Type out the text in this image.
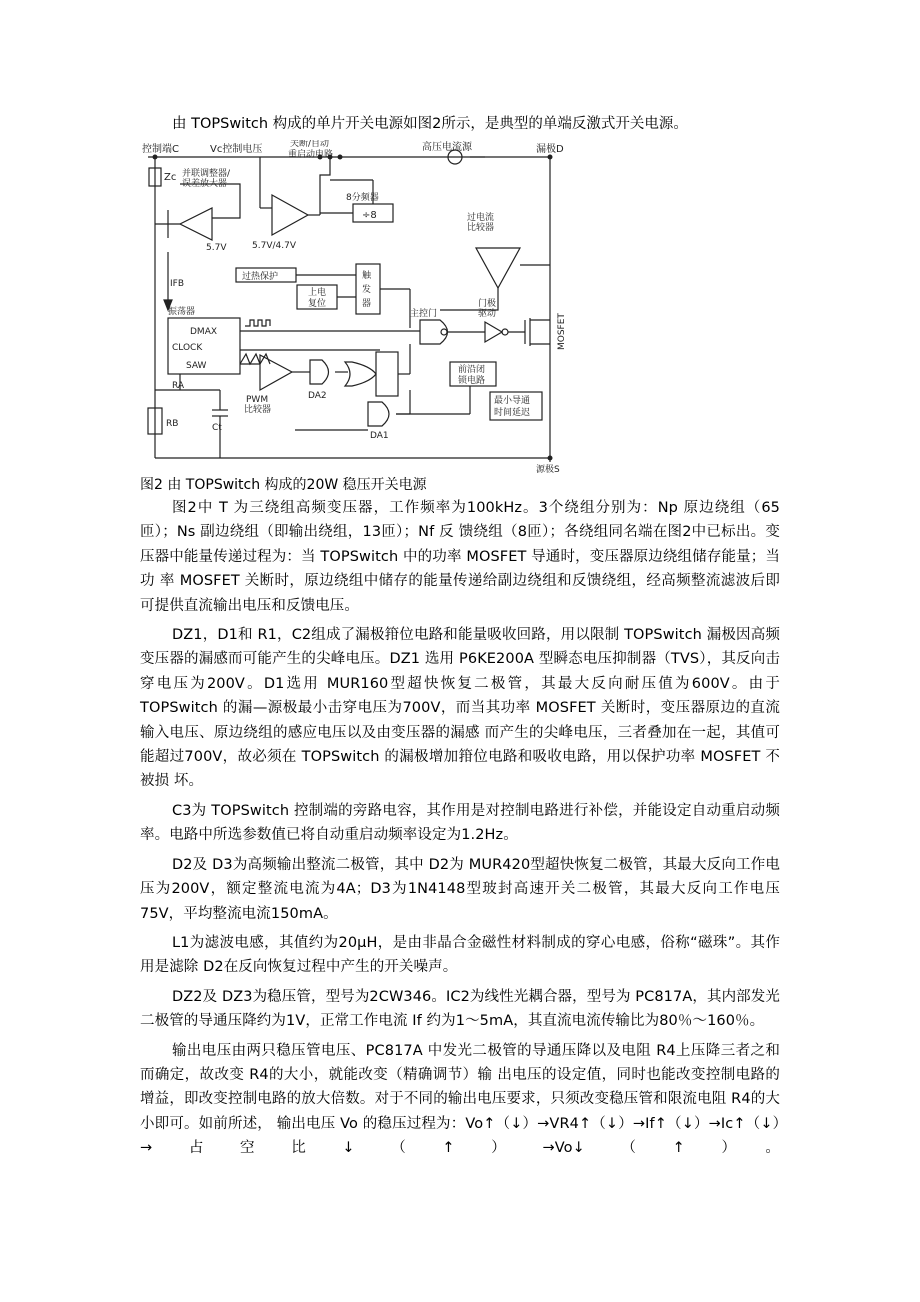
由 TOPSwitch 构成的单片开关电源如图2所示，是典型的单端反激式开关电源。
控制端C	Vc控制电压	关断/自动
重启动电路
高压电流源	漏极D
Zc 并联调整器/
误差放大器
8分频器
÷8
5.7V	5.7V/4.7V
过电流
比较器
IFB
过热保护
上电
复位
触
发
器
主控门
门极
驱动	MOSFET
振荡器
DMAX
CLOCK
SAW	前沿闭
锁电路
最小导通
时间延迟
PWM
比较器
DA2
DA1
RA
RB	Ct
源极S
图2 由 TOPSwitch 构成的20W 稳压开关电源

图2中 T 为三绕组高频变压器，工作频率为100kHz。3个绕组分别为：Np 原边绕组（65匝）；Ns 副边绕组（即输出绕组，13匝）；Nf 反 馈绕组（8匝）；各绕组同名端在图2中已标出。变压器中能量传递过程为：当 TOPSwitch 中的功率 MOSFET 导通时，变压器原边绕组储存能量；当功 率 MOSFET 关断时，原边绕组中储存的能量传递给副边绕组和反馈绕组，经高频整流滤波后即可提供直流输出电压和反馈电压。

DZ1，D1和 R1，C2组成了漏极箝位电路和能量吸收回路，用以限制 TOPSwitch 漏极因高频变压器的漏感而可能产生的尖峰电压。DZ1 选用 P6KE200A 型瞬态电压抑制器（TVS），其反向击穿电压为200V。D1选用 MUR160型超快恢复二极管，其最大反向耐压值为600V。由于 TOPSwitch 的漏—源极最小击穿电压为700V，而当其功率 MOSFET 关断时，变压器原边的直流输入电压、原边绕组的感应电压以及由变压器的漏感 而产生的尖峰电压，三者叠加在一起，其值可能超过700V，故必须在 TOPSwitch 的漏极增加箝位电路和吸收电路，用以保护功率 MOSFET 不被损 坏。

C3为 TOPSwitch 控制端的旁路电容，其作用是对控制电路进行补偿，并能设定自动重启动频率。电路中所选参数值已将自动重启动频率设定为1.2Hz。

D2及 D3为高频输出整流二极管，其中 D2为 MUR420型超快恢复二极管，其最大反向工作电压为200V，额定整流电流为4A；D3为1N4148型玻封高速开关二极管，其最大反向工作电压75V，平均整流电流150mA。

L1为滤波电感，其值约为20μH，是由非晶合金磁性材料制成的穿心电感，俗称“磁珠”。其作用是滤除 D2在反向恢复过程中产生的开关噪声。

DZ2及 DZ3为稳压管，型号为2CW346。IC2为线性光耦合器，型号为 PC817A，其内部发光二极管的导通压降约为1V，正常工作电流 If 约为1～5mA，其直流电流传输比为80％～160％。

输出电压由两只稳压管电压、PC817A 中发光二极管的导通压降以及电阻 R4上压降三者之和而确定，故改变 R4的大小，就能改变（精确调节）输 出电压的设定值，同时也能改变控制电路的增益，即改变控制电路的放大倍数。对于不同的输出电压要求，只须改变稳压管和限流电阻 R4的大小即可。如前所述， 输出电压 Vo 的稳压过程为：Vo↑（↓）→VR4↑（↓）→If↑（↓）→Ic↑（↓）→占空比↓（↑）→Vo↓（↑）。
